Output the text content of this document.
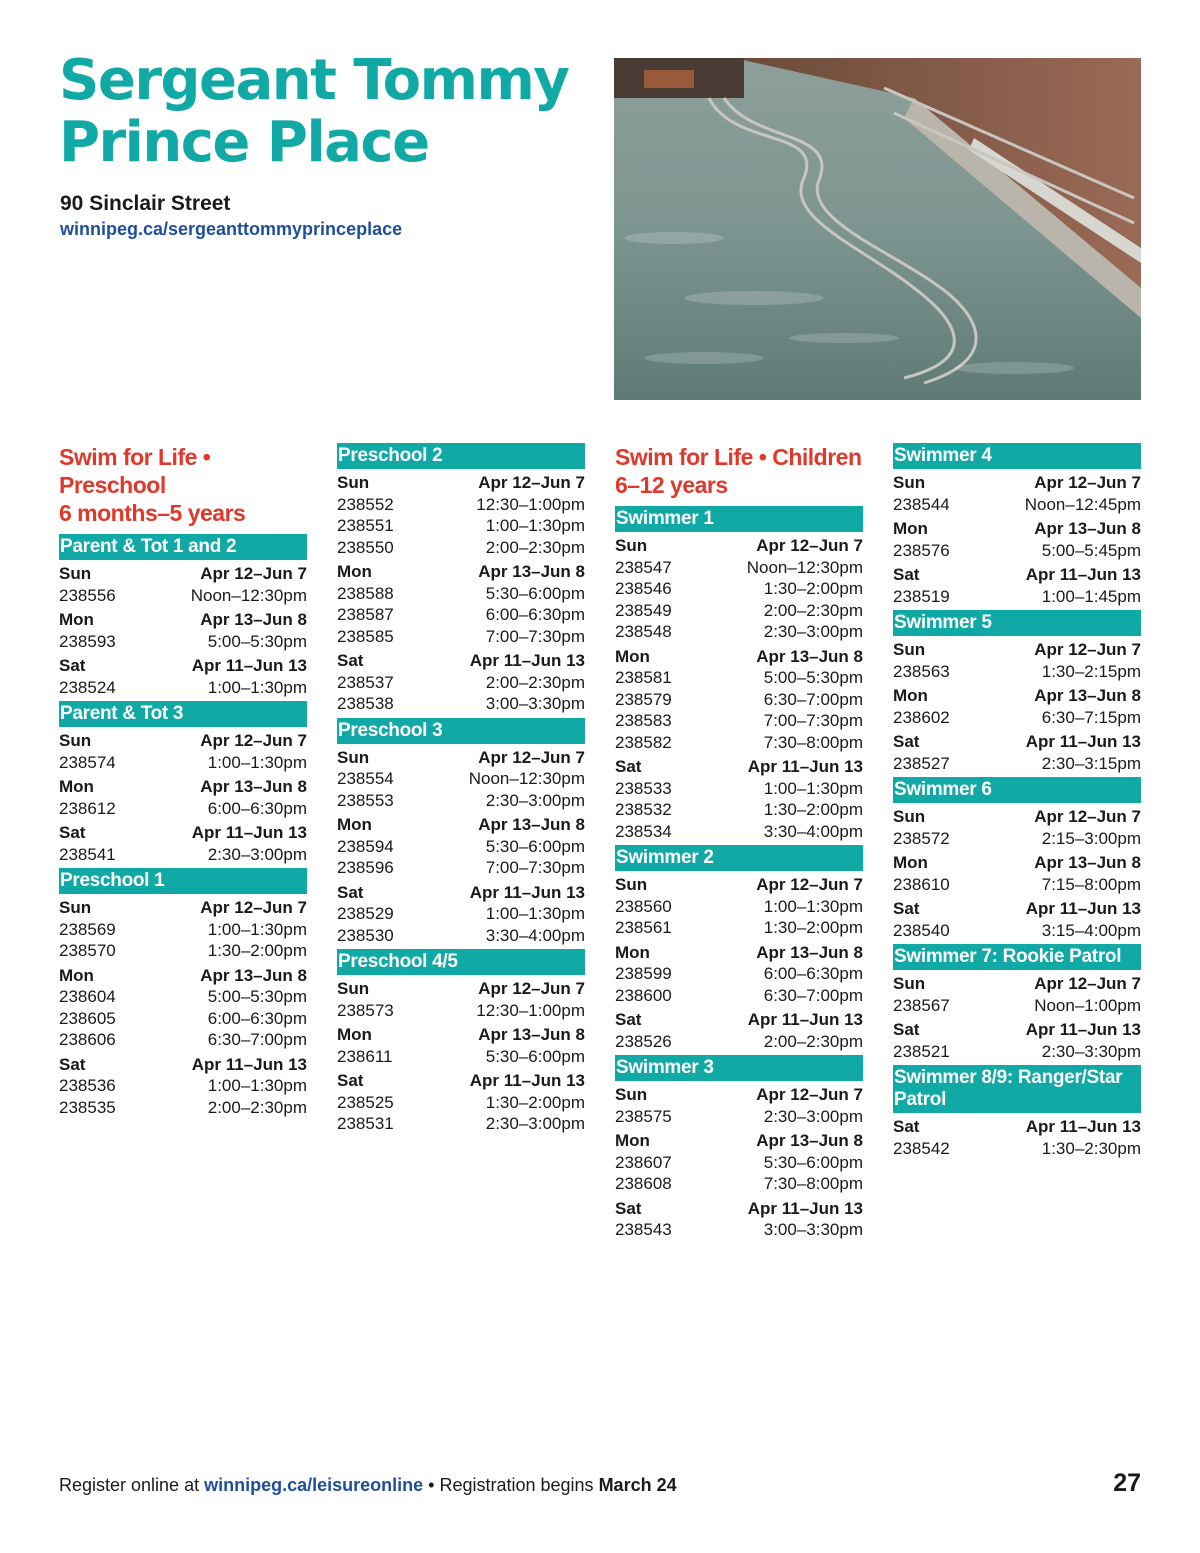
Sergeant Tommy
Prince Place
90 Sinclair Street
winnipeg.ca/sergeanttommyprinceplace
Swim for Life • Preschool
6 months–5 years
Parent & Tot 1 and 2
Sun	Apr 12–Jun 7
238556	Noon–12:30pm
Mon	Apr 13–Jun 8
238593	5:00–5:30pm
Sat	Apr 11–Jun 13
238524	1:00–1:30pm
Parent & Tot 3
Sun	Apr 12–Jun 7
238574	1:00–1:30pm
Mon	Apr 13–Jun 8
238612	6:00–6:30pm
Sat	Apr 11–Jun 13
238541	2:30–3:00pm
Preschool 1
Sun	Apr 12–Jun 7
238569	1:00–1:30pm
238570	1:30–2:00pm
Mon	Apr 13–Jun 8
238604	5:00–5:30pm
238605	6:00–6:30pm
238606	6:30–7:00pm
Sat	Apr 11–Jun 13
238536	1:00–1:30pm
238535	2:00–2:30pm
Preschool 2
Sun	Apr 12–Jun 7
238552	12:30–1:00pm
238551	1:00–1:30pm
238550	2:00–2:30pm
Mon	Apr 13–Jun 8
238588	5:30–6:00pm
238587	6:00–6:30pm
238585	7:00–7:30pm
Sat	Apr 11–Jun 13
238537	2:00–2:30pm
238538	3:00–3:30pm
Preschool 3
Sun	Apr 12–Jun 7
238554	Noon–12:30pm
238553	2:30–3:00pm
Mon	Apr 13–Jun 8
238594	5:30–6:00pm
238596	7:00–7:30pm
Sat	Apr 11–Jun 13
238529	1:00–1:30pm
238530	3:30–4:00pm
Preschool 4/5
Sun	Apr 12–Jun 7
238573	12:30–1:00pm
Mon	Apr 13–Jun 8
238611	5:30–6:00pm
Sat	Apr 11–Jun 13
238525	1:30–2:00pm
238531	2:30–3:00pm
Swim for Life • Children
6–12 years
Swimmer 1
Sun	Apr 12–Jun 7
238547	Noon–12:30pm
238546	1:30–2:00pm
238549	2:00–2:30pm
238548	2:30–3:00pm
Mon	Apr 13–Jun 8
238581	5:00–5:30pm
238579	6:30–7:00pm
238583	7:00–7:30pm
238582	7:30–8:00pm
Sat	Apr 11–Jun 13
238533	1:00–1:30pm
238532	1:30–2:00pm
238534	3:30–4:00pm
Swimmer 2
Sun	Apr 12–Jun 7
238560	1:00–1:30pm
238561	1:30–2:00pm
Mon	Apr 13–Jun 8
238599	6:00–6:30pm
238600	6:30–7:00pm
Sat	Apr 11–Jun 13
238526	2:00–2:30pm
Swimmer 3
Sun	Apr 12–Jun 7
238575	2:30–3:00pm
Mon	Apr 13–Jun 8
238607	5:30–6:00pm
238608	7:30–8:00pm
Sat	Apr 11–Jun 13
238543	3:00–3:30pm
Swimmer 4
Sun	Apr 12–Jun 7
238544	Noon–12:45pm
Mon	Apr 13–Jun 8
238576	5:00–5:45pm
Sat	Apr 11–Jun 13
238519	1:00–1:45pm
Swimmer 5
Sun	Apr 12–Jun 7
238563	1:30–2:15pm
Mon	Apr 13–Jun 8
238602	6:30–7:15pm
Sat	Apr 11–Jun 13
238527	2:30–3:15pm
Swimmer 6
Sun	Apr 12–Jun 7
238572	2:15–3:00pm
Mon	Apr 13–Jun 8
238610	7:15–8:00pm
Sat	Apr 11–Jun 13
238540	3:15–4:00pm
Swimmer 7: Rookie Patrol
Sun	Apr 12–Jun 7
238567	Noon–1:00pm
Sat	Apr 11–Jun 13
238521	2:30–3:30pm
Swimmer 8/9: Ranger/Star Patrol
Sat	Apr 11–Jun 13
238542	1:30–2:30pm
Register online at winnipeg.ca/leisureonline • Registration begins March 24	27
